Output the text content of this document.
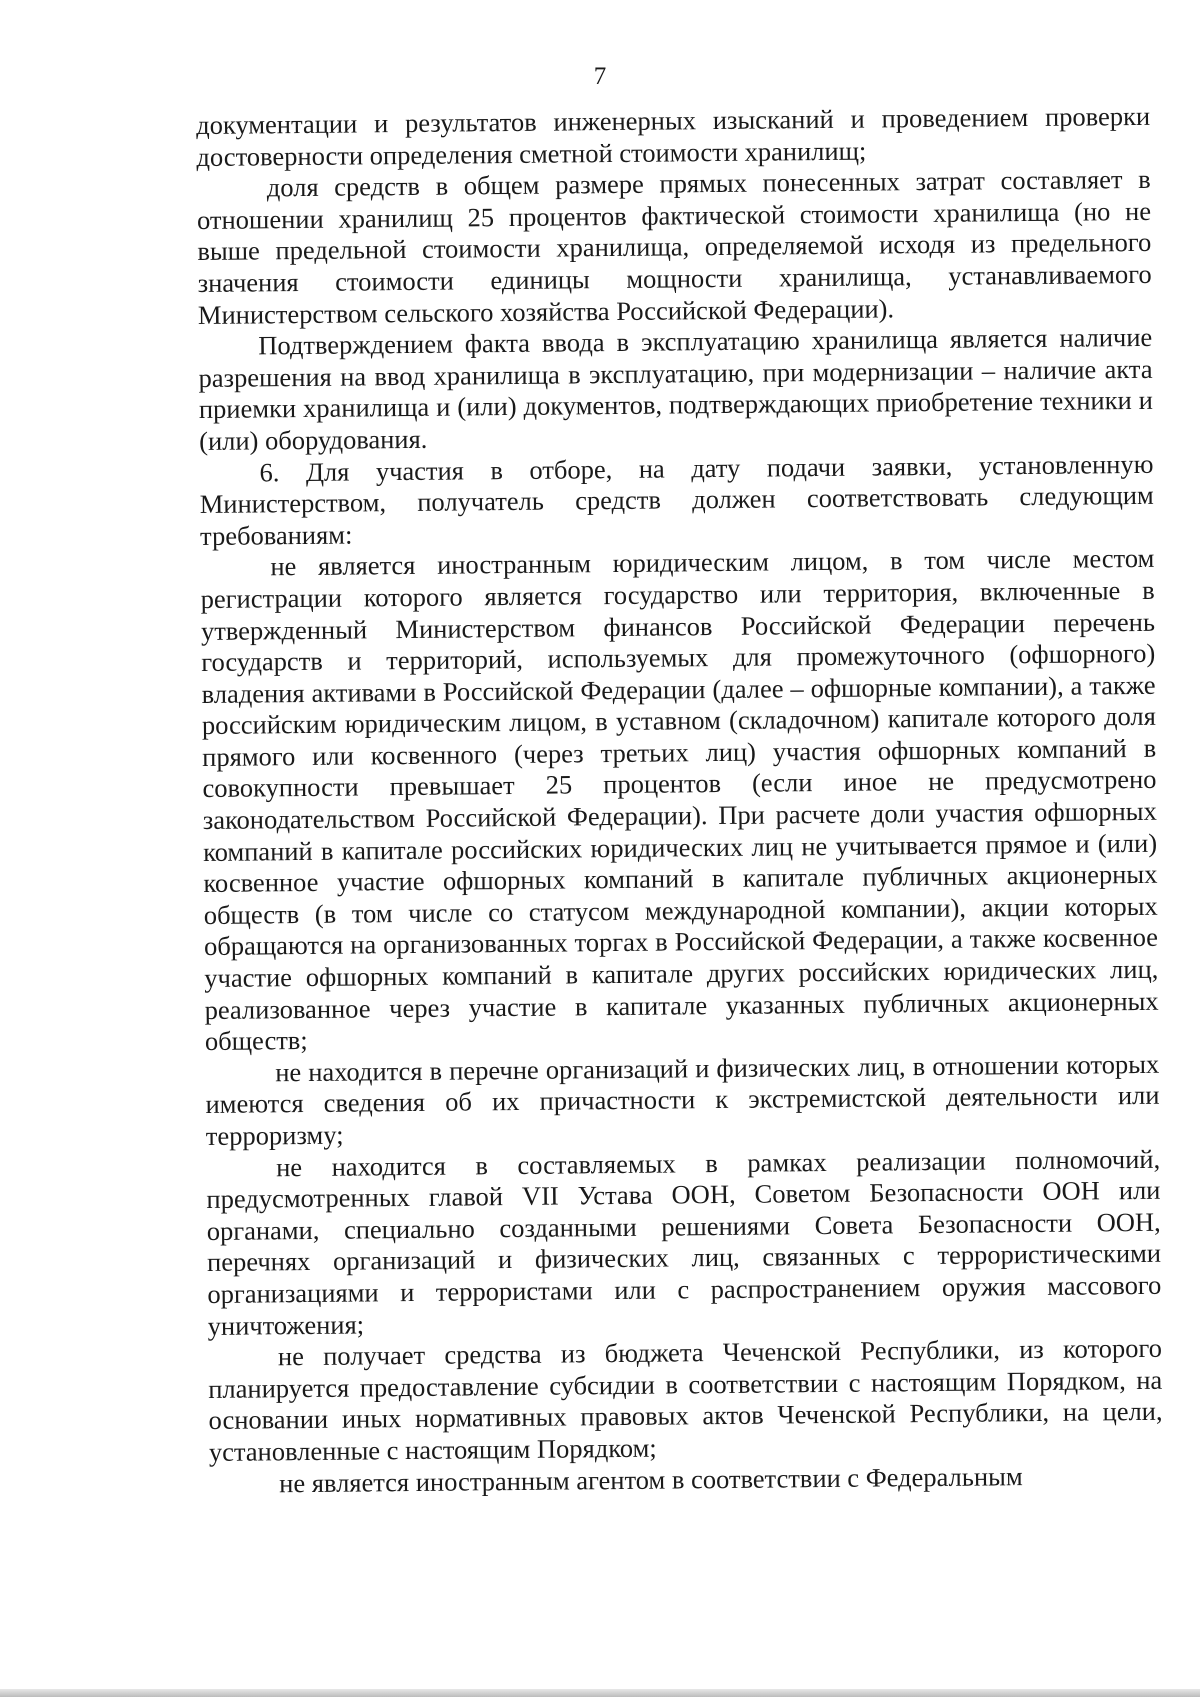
7

документации и результатов инженерных изысканий и проведением проверки достоверности определения сметной стоимости хранилищ;

доля средств в общем размере прямых понесенных затрат составляет в отношении хранилищ 25 процентов фактической стоимости хранилища (но не выше предельной стоимости хранилища, определяемой исходя из предельного значения стоимости единицы мощности хранилища, устанавливаемого Министерством сельского хозяйства Российской Федерации).

Подтверждением факта ввода в эксплуатацию хранилища является наличие разрешения на ввод хранилища в эксплуатацию, при модернизации – наличие акта приемки хранилища и (или) документов, подтверждающих приобретение техники и (или) оборудования.

6. Для участия в отборе, на дату подачи заявки, установленную Министерством, получатель средств должен соответствовать следующим требованиям:

не является иностранным юридическим лицом, в том числе местом регистрации которого является государство или территория, включенные в утвержденный Министерством финансов Российской Федерации перечень государств и территорий, используемых для промежуточного (офшорного) владения активами в Российской Федерации (далее – офшорные компании), а также российским юридическим лицом, в уставном (складочном) капитале которого доля прямого или косвенного (через третьих лиц) участия офшорных компаний в совокупности превышает 25 процентов (если иное не предусмотрено законодательством Российской Федерации). При расчете доли участия офшорных компаний в капитале российских юридических лиц не учитывается прямое и (или) косвенное участие офшорных компаний в капитале публичных акционерных обществ (в том числе со статусом международной компании), акции которых обращаются на организованных торгах в Российской Федерации, а также косвенное участие офшорных компаний в капитале других российских юридических лиц, реализованное через участие в капитале указанных публичных акционерных обществ;

не находится в перечне организаций и физических лиц, в отношении которых имеются сведения об их причастности к экстремистской деятельности или терроризму;

не находится в составляемых в рамках реализации полномочий, предусмотренных главой VII Устава ООН, Советом Безопасности ООН или органами, специально созданными решениями Совета Безопасности ООН, перечнях организаций и физических лиц, связанных с террористическими организациями и террористами или с распространением оружия массового уничтожения;

не получает средства из бюджета Чеченской Республики, из которого планируется предоставление субсидии в соответствии с настоящим Порядком, на основании иных нормативных правовых актов Чеченской Республики, на цели, установленные с настоящим Порядком;

не является иностранным агентом в соответствии с Федеральным
